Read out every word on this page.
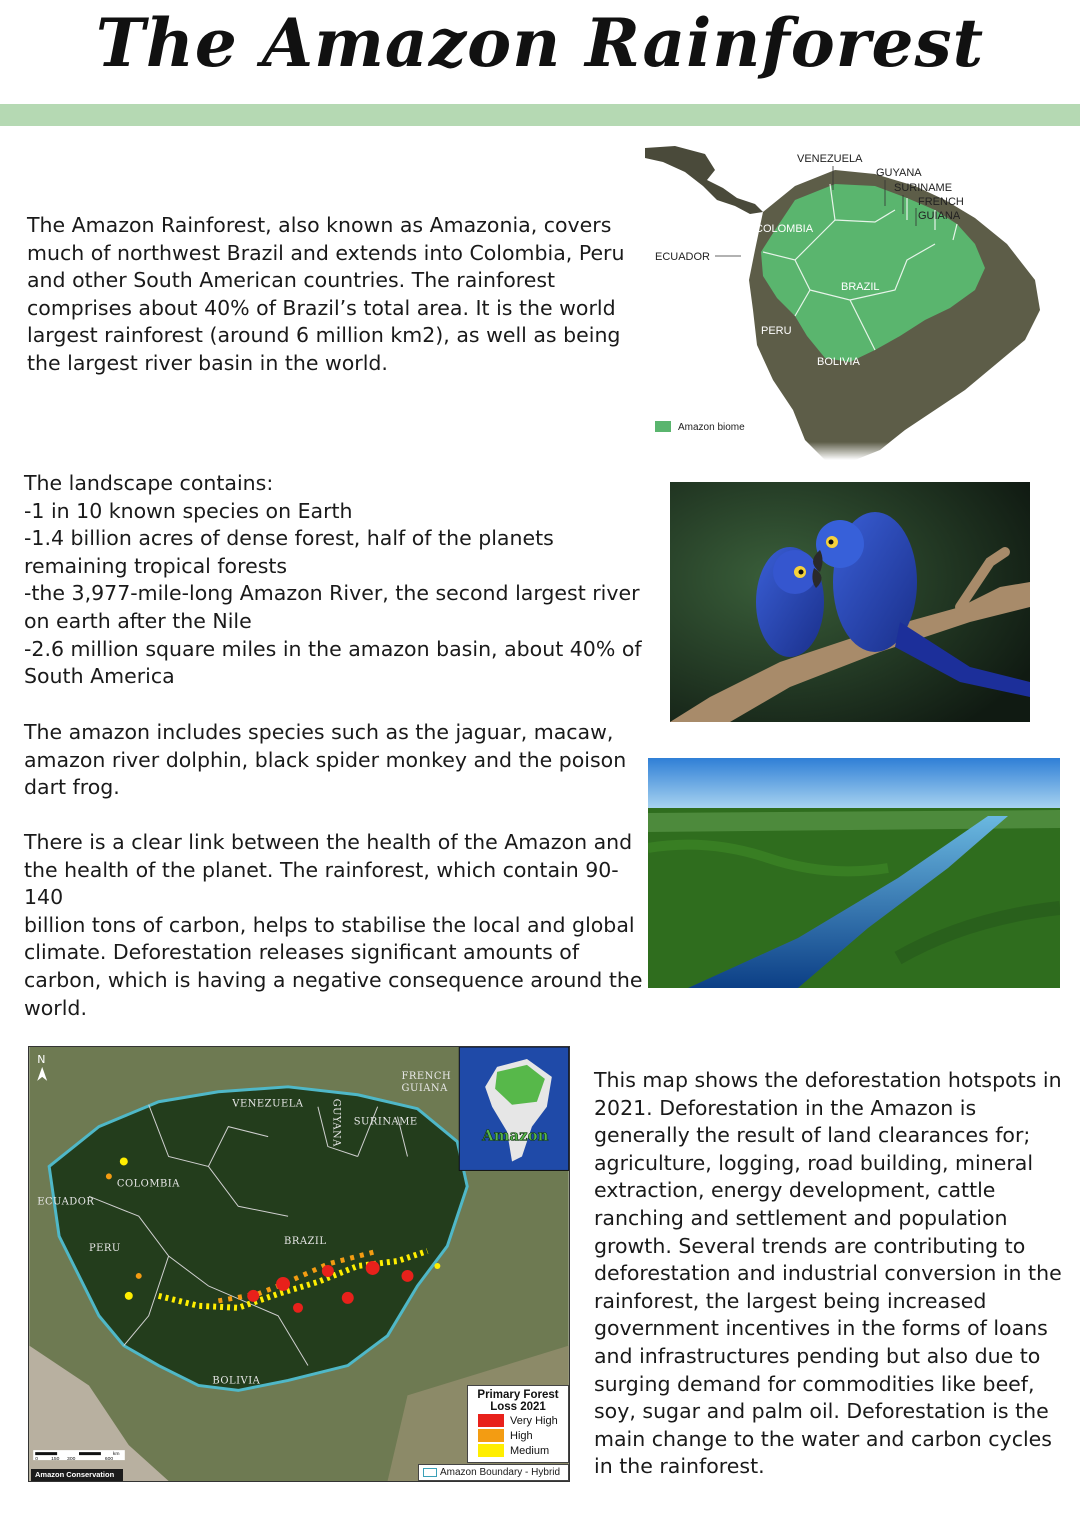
The Amazon Rainforest
The Amazon Rainforest, also known as Amazonia, covers
much of northwest Brazil and extends into Colombia, Peru
and other South American countries. The rainforest
comprises about 40% of Brazil’s total area. It is the world
largest rainforest (around 6 million km2), as well as being
the largest river basin in the world.
The landscape contains:
-1 in 10 known species on Earth
-1.4 billion acres of dense forest, half of the planets
remaining tropical forests
-the 3,977-mile-long Amazon River, the second largest river
on earth after the Nile
-2.6 million square miles in the amazon basin, about 40% of
South America
The amazon includes species such as the jaguar, macaw,
amazon river dolphin, black spider monkey and the poison
dart frog.
There is a clear link between the health of the Amazon and
the health of the planet. The rainforest, which contain 90-140
billion tons of carbon, helps to stabilise the local and global
climate. Deforestation releases significant amounts of
carbon, which is having a negative consequence around the
world.
This map shows the deforestation hotspots in
2021. Deforestation in the Amazon is
generally the result of land clearances for;
agriculture, logging, road building, mineral
extraction, energy development, cattle
ranching and settlement and population
growth. Several trends are contributing to
deforestation and industrial conversion in the
rainforest, the largest being increased
government incentives in the forms of loans
and infrastructures pending but also due to
surging demand for commodities like beef,
soy, sugar and palm oil. Deforestation is the
main change to the water and carbon cycles
in the rainforest.
VENEZUELA
GUYANA
SURINAME
FRENCH
GUIANA
COLOMBIA
ECUADOR
BRAZIL
PERU
BOLIVIA
Amazon biome
Amazon
FRENCH
GUIANA
VENEZUELA	GUYANA SURINAME
COLOMBIA
ECUADOR
PERU
BRAZIL
BOLIVIA
N
0	150 300	600
km
Primary Forest
Loss 2021
Very High
High
Medium
Amazon Boundary - Hybrid
Amazon Conservation
